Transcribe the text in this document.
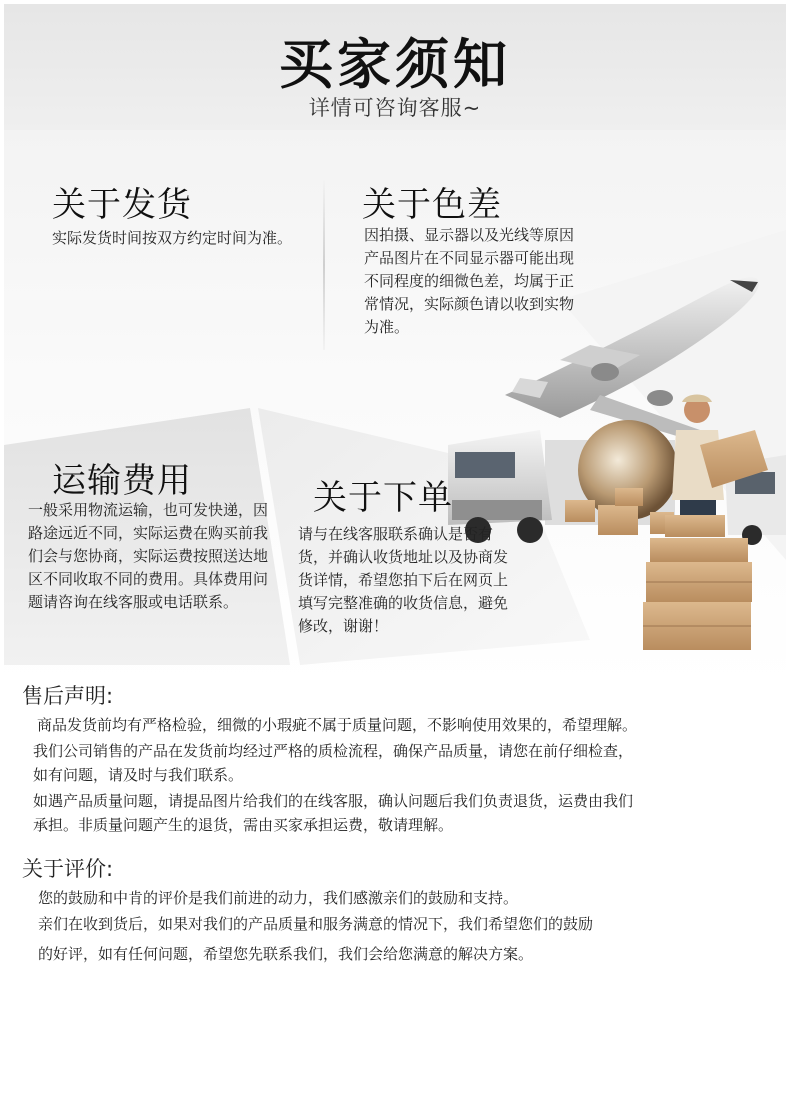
买家须知
详情可咨询客服~
关于发货
实际发货时间按双方约定时间为准。
关于色差
因拍摄、显示器以及光线等原因产品图片在不同显示器可能出现不同程度的细微色差，均属于正常情况，实际颜色请以收到实物为准。
运输费用
一般采用物流运输，也可发快递，因路途远近不同，实际运费在购买前我们会与您协商，实际运费按照送达地区不同收取不同的费用。具体费用问题请咨询在线客服或电话联系。
关于下单
请与在线客服联系确认是否有货，并确认收货地址以及协商发货详情，希望您拍下后在网页上填写完整准确的收货信息，避免修改，谢谢！
售后声明:
商品发货前均有严格检验，细微的小瑕疵不属于质量问题，不影响使用效果的，希望理解。
我们公司销售的产品在发货前均经过严格的质检流程，确保产品质量，请您在前仔细检查，
如有问题，请及时与我们联系。
如遇产品质量问题，请提品图片给我们的在线客服，确认问题后我们负责退货，运费由我们
承担。非质量问题产生的退货，需由买家承担运费，敬请理解。
关于评价:
您的鼓励和中肯的评价是我们前进的动力，我们感激亲们的鼓励和支持。
亲们在收到货后，如果对我们的产品质量和服务满意的情况下，我们希望您们的鼓励
的好评，如有任何问题，希望您先联系我们，我们会给您满意的解决方案。
